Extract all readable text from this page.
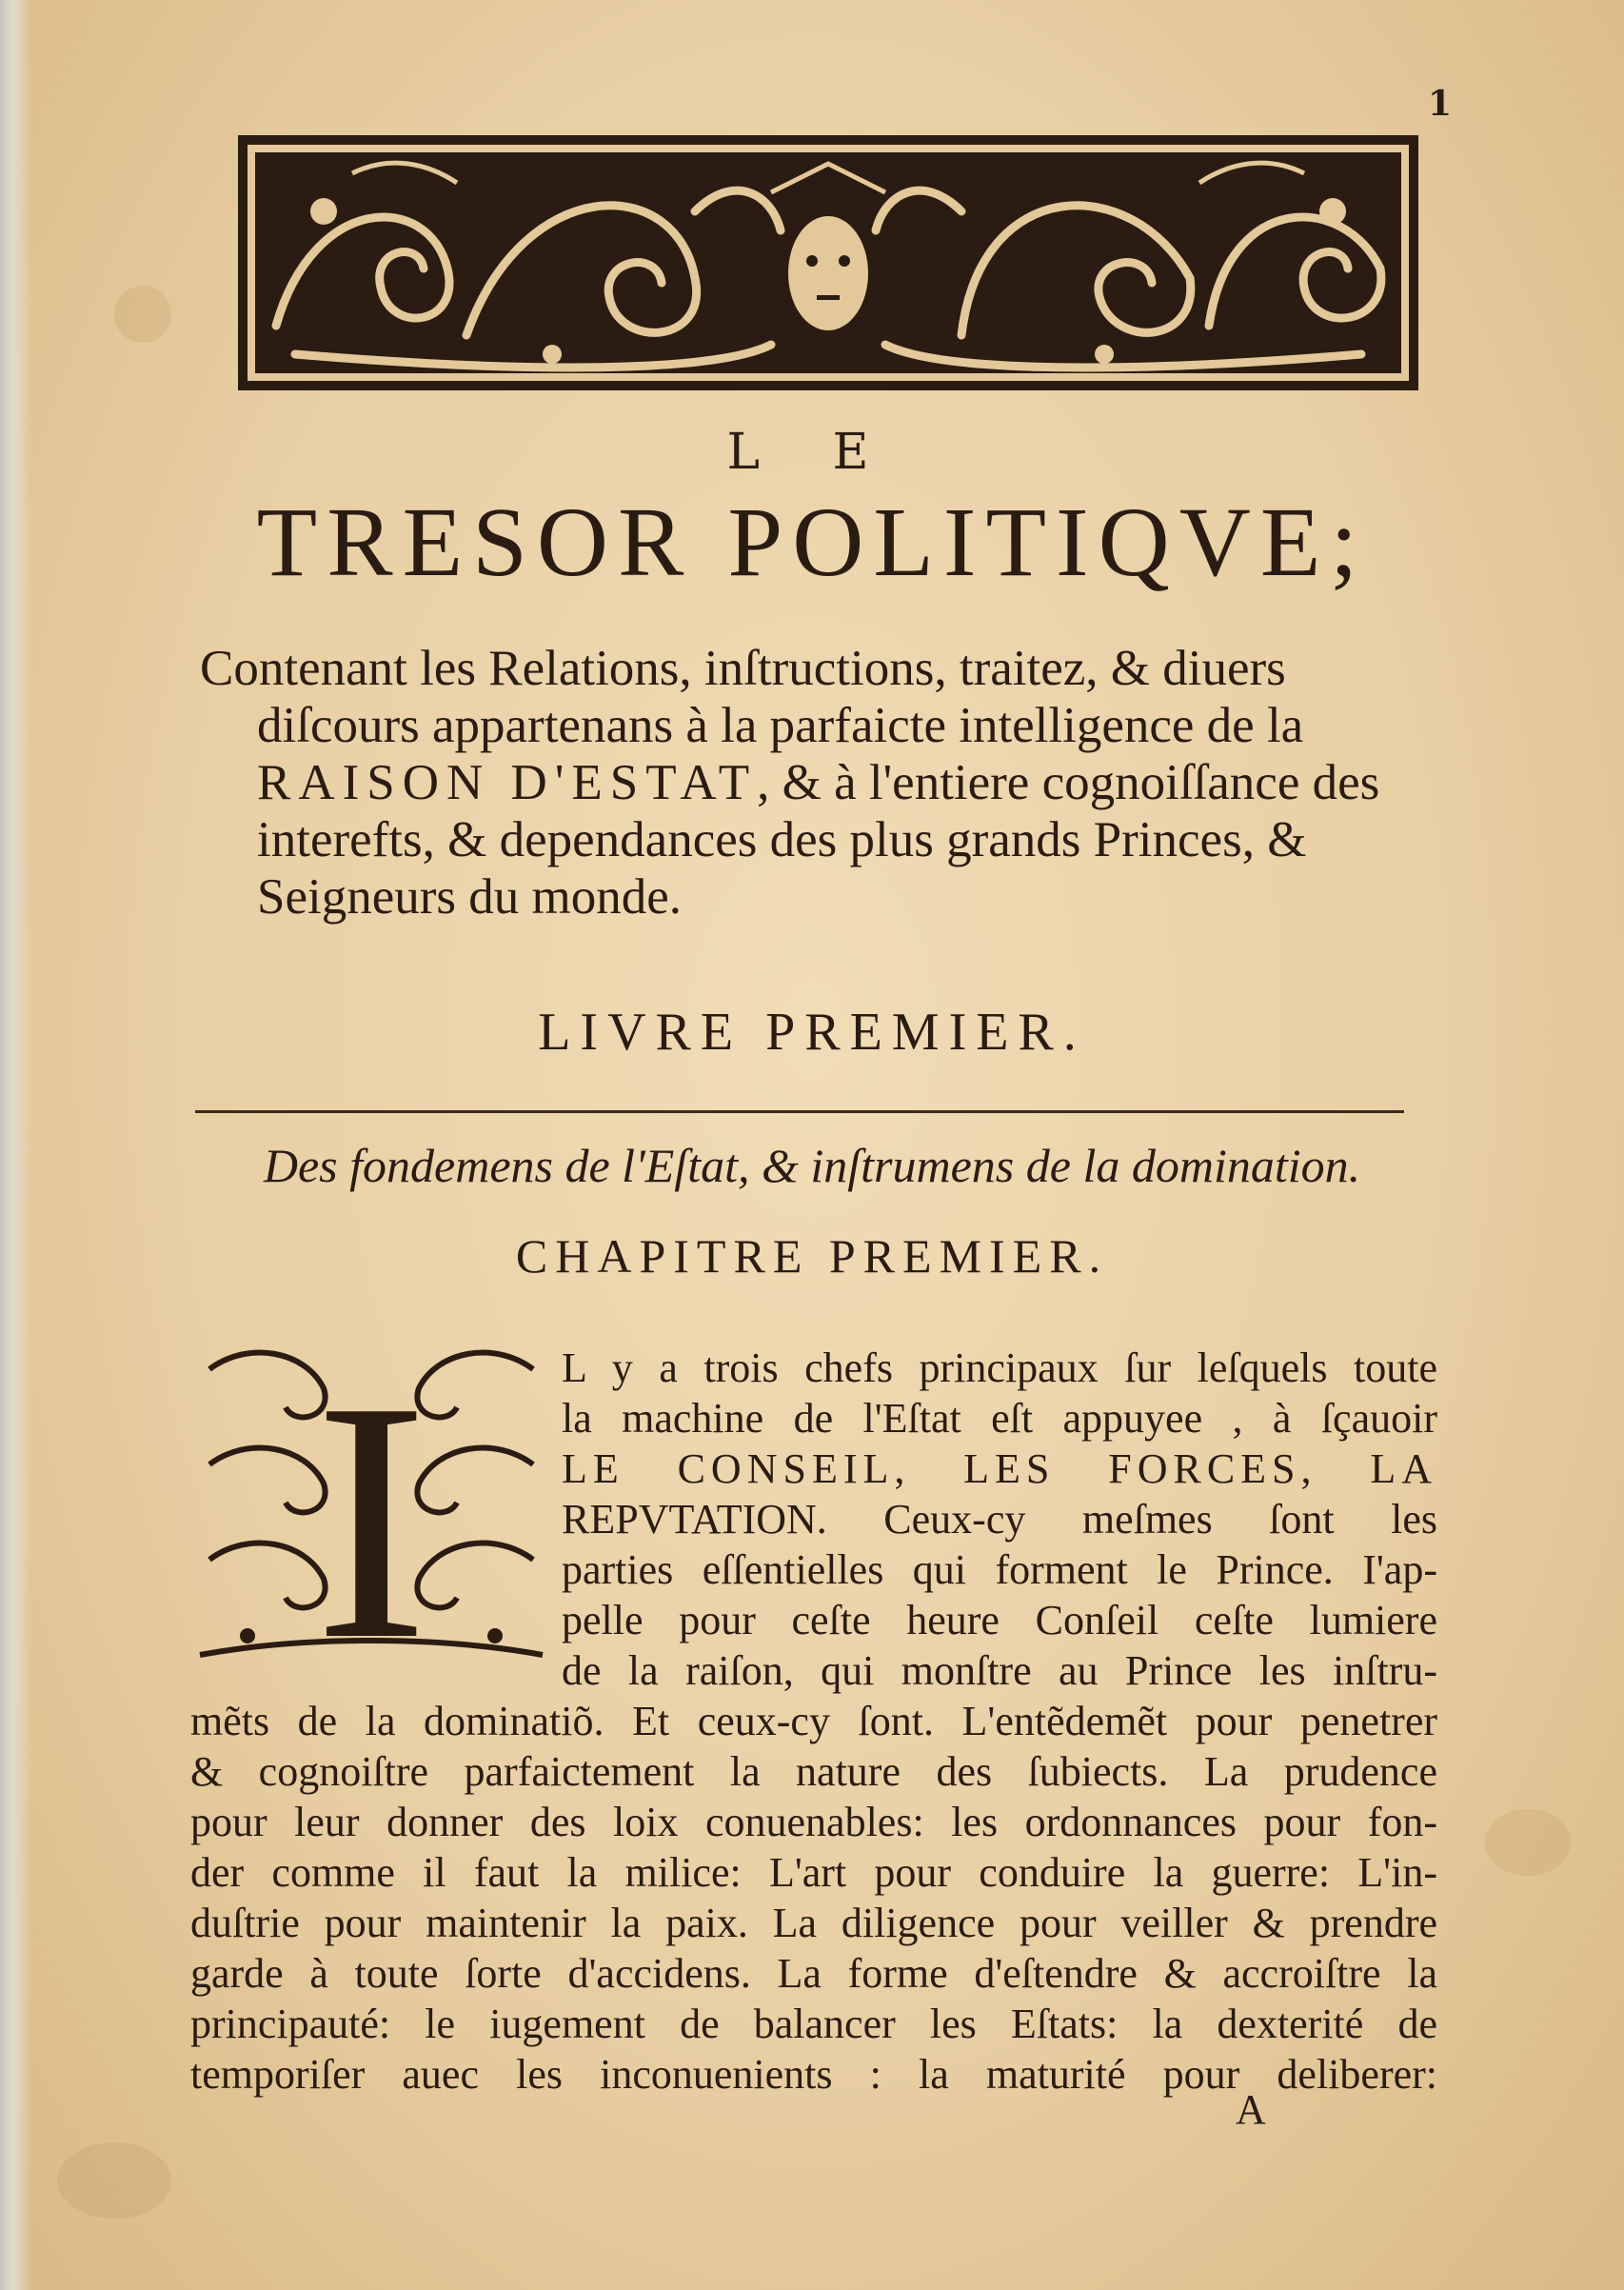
1
L E
TRESOR POLITIQVE;

Contenant les Relations, inſtructions, traitez, & diuers

diſcours appartenans à la parfaicte intelligence de la

RAISON D'ESTAT, & à l'entiere cognoiſſance des

interefts, & dependances des plus grands Princes, &

Seigneurs du monde.

LIVRE PREMIER.
Des fondemens de l'Eſtat, & inſtrumens de la domination.
CHAPITRE PREMIER.
I	L y a trois chefs principaux ſur leſquels toute
la machine de l'Eſtat eſt appuyee , à ſçauoir
LE CONSEIL, LES FORCES, LA
REPVTATION. Ceux-cy meſmes ſont les
parties eſſentielles qui forment le Prince. I'ap-
pelle pour ceſte heure Conſeil ceſte lumiere
de la raiſon, qui monſtre au Prince les inſtru-
mẽts de la dominatiõ. Et ceux-cy ſont. L'entẽdemẽt pour penetrer
& cognoiſtre parfaictement la nature des ſubiects. La prudence
pour leur donner des loix conuenables: les ordonnances pour fon-
der comme il faut la milice: L'art pour conduire la guerre: L'in-
duſtrie pour maintenir la paix. La diligence pour veiller & prendre
garde à toute ſorte d'accidens. La forme d'eſtendre & accroiſtre la
principauté: le iugement de balancer les Eſtats: la dexterité de
temporiſer auec les inconuenients : la maturité pour deliberer:
A
